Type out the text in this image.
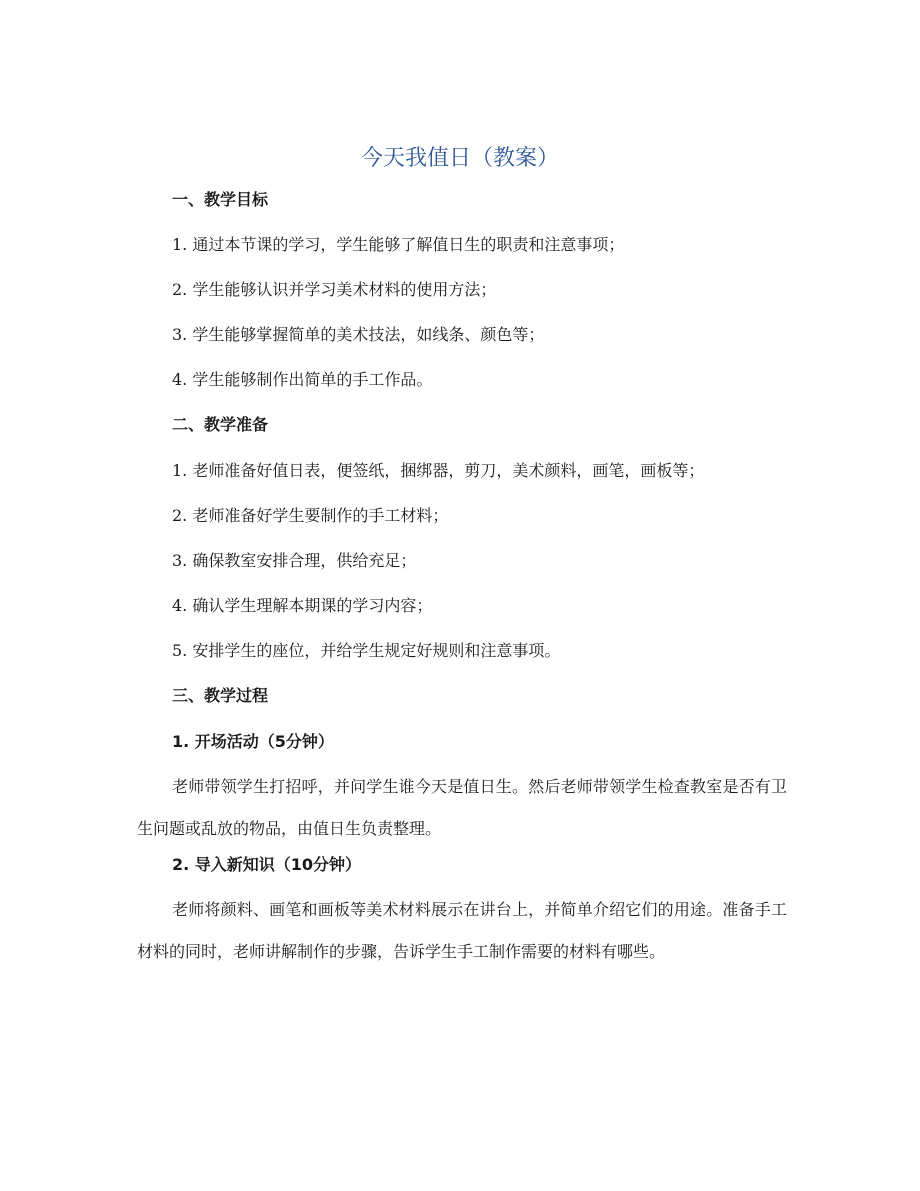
今天我值日（教案）
一、教学目标
1. 通过本节课的学习，学生能够了解值日生的职责和注意事项；
2. 学生能够认识并学习美术材料的使用方法；
3. 学生能够掌握简单的美术技法，如线条、颜色等；
4. 学生能够制作出简单的手工作品。
二、教学准备
1. 老师准备好值日表，便签纸，捆绑器，剪刀，美术颜料，画笔，画板等；
2. 老师准备好学生要制作的手工材料；
3. 确保教室安排合理，供给充足；
4. 确认学生理解本期课的学习内容；
5. 安排学生的座位，并给学生规定好规则和注意事项。
三、教学过程
1. 开场活动（5分钟）
老师带领学生打招呼，并问学生谁今天是值日生。然后老师带领学生检查教室是否有卫生问题或乱放的物品，由值日生负责整理。
2. 导入新知识（10分钟）
老师将颜料、画笔和画板等美术材料展示在讲台上，并简单介绍它们的用途。准备手工材料的同时，老师讲解制作的步骤，告诉学生手工制作需要的材料有哪些。
